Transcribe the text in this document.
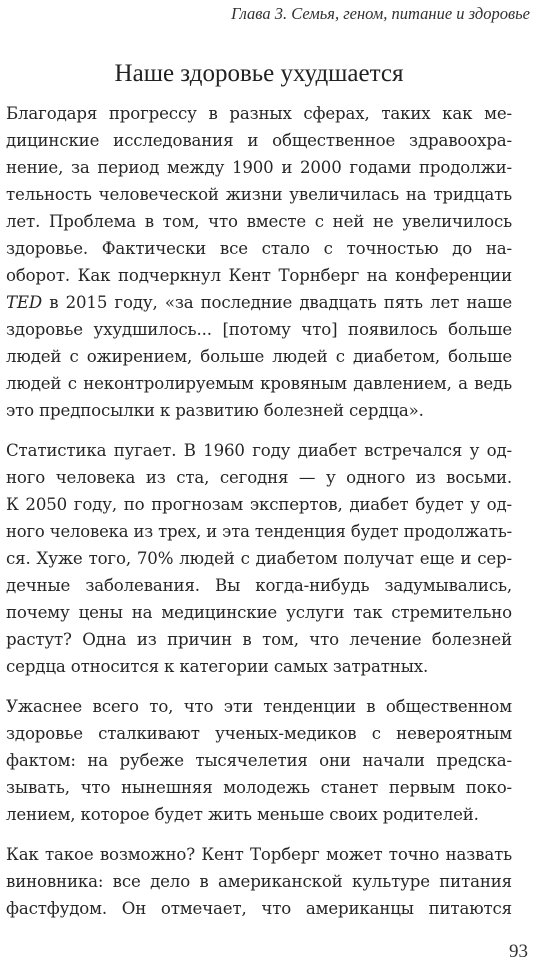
Глава 3. Семья, геном, питание и здоровье
Наше здоровье ухудшается

Благодаря прогрессу в разных сферах, таких как ме-
дицинские исследования и общественное здравоохра-
нение, за период между 1900 и 2000 годами продолжи-
тельность человеческой жизни увеличилась на тридцать
лет. Проблема в том, что вместе с ней не увеличилось
здоровье. Фактически все стало с точностью до на-
оборот. Как подчеркнул Кент Торнберг на конференции
TED в 2015 году, «за последние двадцать пять лет наше
здоровье ухудшилось... [потому что] появилось больше
людей с ожирением, больше людей с диабетом, больше
людей с неконтролируемым кровяным давлением, а ведь
это предпосылки к развитию болезней сердца».

Статистика пугает. В 1960 году диабет встречался у од-
ного человека из ста, сегодня — у одного из восьми.
К 2050 году, по прогнозам экспертов, диабет будет у од-
ного человека из трех, и эта тенденция будет продолжать-
ся. Хуже того, 70% людей с диабетом получат еще и сер-
дечные заболевания. Вы когда-нибудь задумывались,
почему цены на медицинские услуги так стремительно
растут? Одна из причин в том, что лечение болезней
сердца относится к категории самых затратных.

Ужаснее всего то, что эти тенденции в общественном
здоровье сталкивают ученых-медиков с невероятным
фактом: на рубеже тысячелетия они начали предска-
зывать, что нынешняя молодежь станет первым поко-
лением, которое будет жить меньше своих родителей.

Как такое возможно? Кент Торберг может точно назвать
виновника: все дело в американской культуре питания
фастфудом. Он отмечает, что американцы питаются

93
